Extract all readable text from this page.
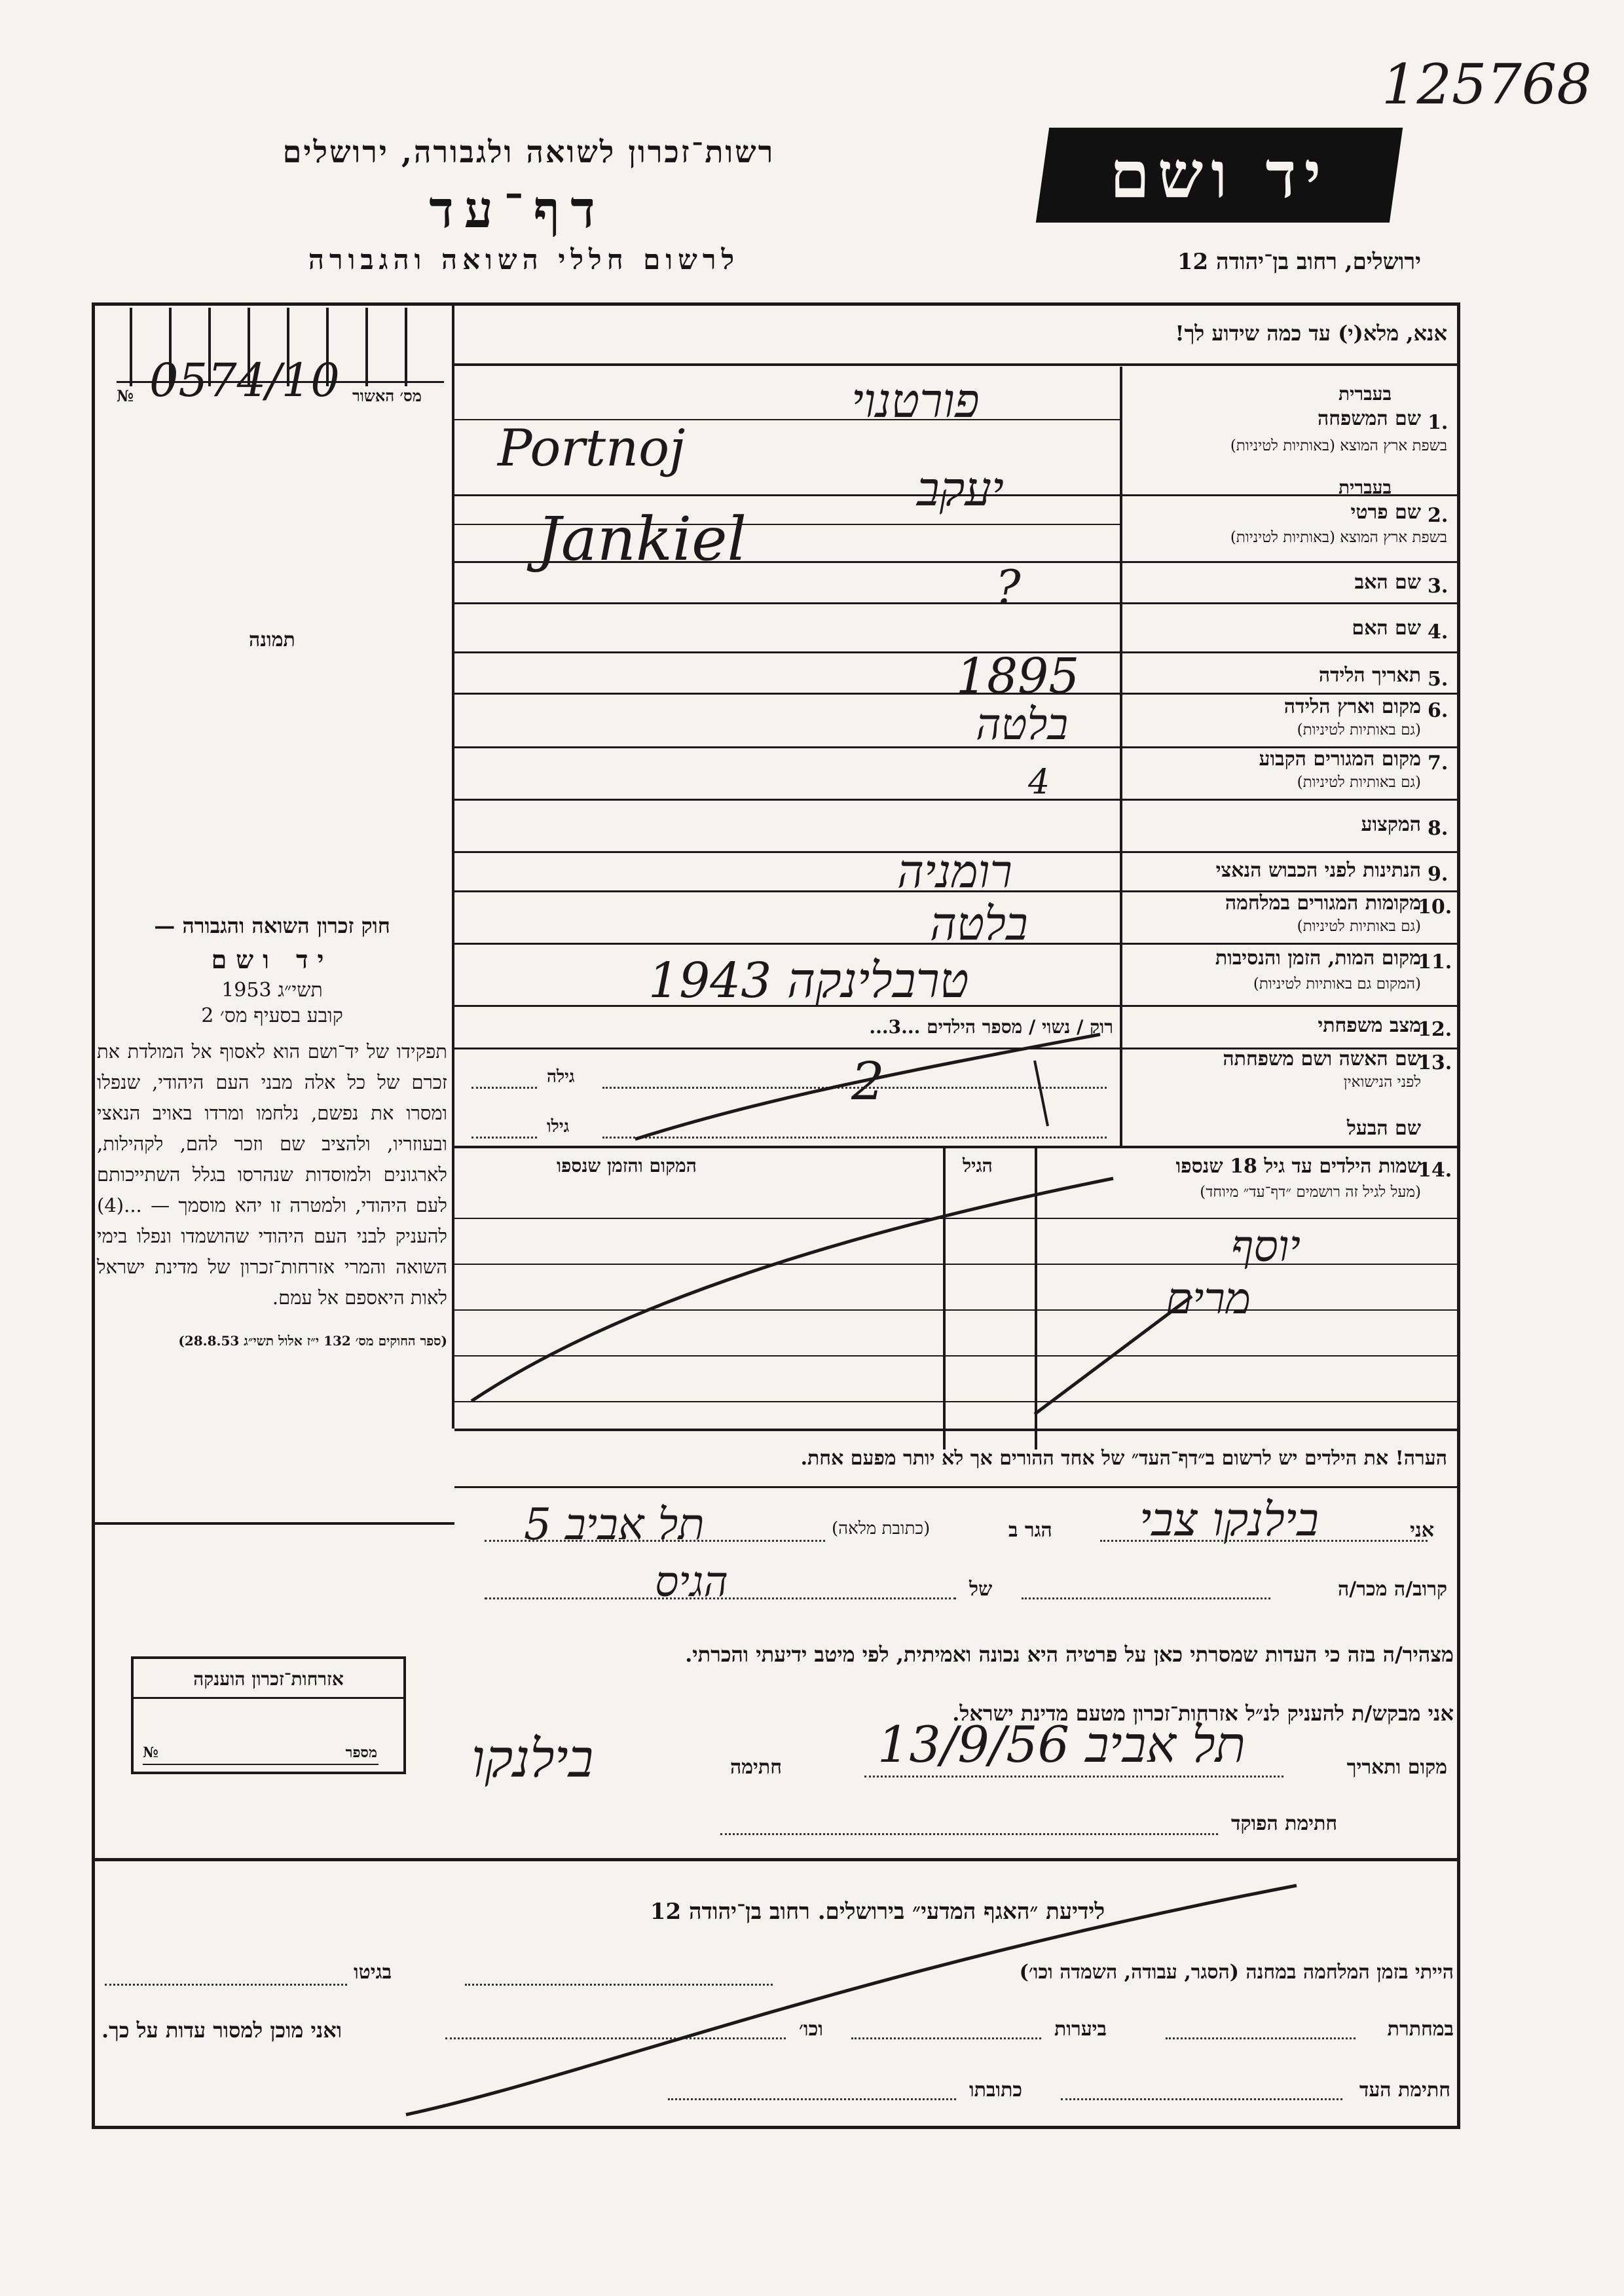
125768
רשות־זכרון לשואה ולגבורה, ירושלים
דף־עד
לרשום חללי השואה והגבורה
יד ושם
ירושלים, רחוב בן־יהודה 12
אנא, מלא(י) עד כמה שידוע לך!
№ 0574/10 מס׳ האשור
תמונה
1.
שם המשפחה
בעברית
בשפת ארץ המוצא (באותיות לטיניות)
פורטנוי
Portnoj
2.
שם פרטי
בעברית
בשפת ארץ המוצא (באותיות לטיניות)
יעקב
Jankiel
3.
שם האב
?
4.
שם האם
5.
תאריך הלידה
1895
6.
מקום וארץ הלידה
(גם באותיות לטיניות)
בלטה
7.
מקום המגורים הקבוע
(גם באותיות לטיניות)
4
8.
המקצוע
9.
הנתינות לפני הכבוש הנאצי
רומניה
10.
מקומות המגורים במלחמה
(גם באותיות לטיניות)
בלטה
11.
מקום המות, הזמן והנסיבות
(המקום גם באותיות לטיניות)
טרבלינקה 1943
12.
מצב משפחתי
רוק / נשוי / מספר הילדים ...3...
13.
שם האשה ושם משפחתה
לפני הנישואין
2
גילה
שם הבעל
גילו
14.
שמות הילדים עד גיל 18 שנספו
(מעל לגיל זה רושמים ״דף־עד״ מיוחד)
הגיל
המקום והזמן שנספו
יוסף
מרים
חוק זכרון השואה והגבורה —
יד ושם
תשי״ג 1953
קובע בסעיף מס׳ 2
תפקידו של יד־ושם הוא לאסוף אל המולדת את זכרם של כל אלה מבני העם היהודי, שנפלו ומסרו את נפשם, נלחמו ומרדו באויב הנאצי ובעוזריו, ולהציב שם וזכר להם, לקהילות, לארגונים ולמוסדות שנהרסו בגלל השתייכותם לעם היהודי, ולמטרה זו יהא מוסמך — ...(4) להעניק לבני העם היהודי שהושמדו ונפלו בימי השואה והמרי אזרחות־זכרון של מדינת ישראל לאות היאספם אל עמם.
(ספר החוקים מס׳ 132 י״ז אלול תשי״ג 28.8.53)
הערה! את הילדים יש לרשום ב״דף־העד״ של אחד ההורים אך לא יותר מפעם אחת.
אני
בילנקו צבי
הגר ב
(כתובת מלאה)
תל אביב 5
קרוב/ה מכר/ה
של
הגיס
מצהיר/ה בזה כי העדות שמסרתי כאן על פרטיה היא נכונה ואמיתית, לפי מיטב ידיעתי והכרתי.
אני מבקש/ת להעניק לנ״ל אזרחות־זכרון מטעם מדינת ישראל.
מקום ותאריך
תל אביב 13/9/56
חתימה
בילנקו
חתימת הפוקד
אזרחות־זכרון הוענקה
מספר
№
לידיעת ״האגף המדעי״ בירושלים. רחוב בן־יהודה 12
הייתי בזמן המלחמה במחנה (הסגר, עבודה, השמדה וכו׳)
בגיטו
במחתרת
ביערות
וכו׳
ואני מוכן למסור עדות על כך.
חתימת העד
כתובתו
